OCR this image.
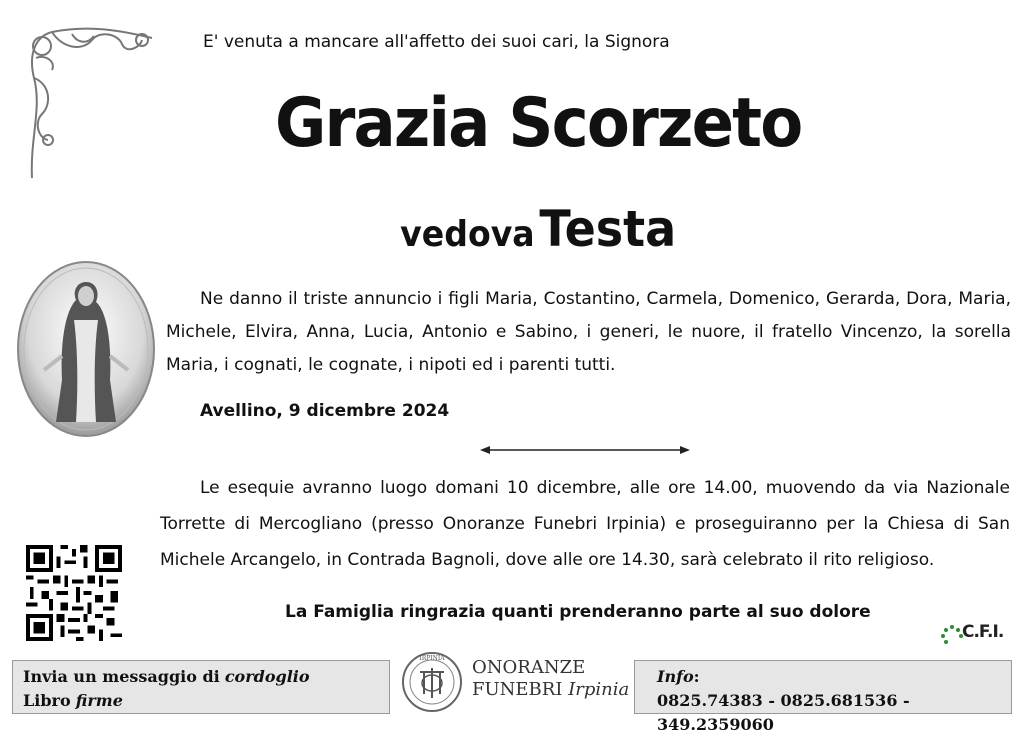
E' venuta a mancare all'affetto dei suoi cari, la Signora
Grazia Scorzeto
vedova Testa
Ne danno il triste annuncio i figli Maria, Costantino, Carmela, Domenico, Gerarda, Dora, Maria, Michele, Elvira, Anna, Lucia, Antonio e Sabino, i generi, le nuore, il fratello Vincenzo, la sorella Maria, i cognati, le cognate, i nipoti ed i parenti tutti.
Avellino, 9 dicembre 2024
Le esequie avranno luogo domani 10 dicembre, alle ore 14.00, muovendo da via Nazionale Torrette di Mercogliano (presso Onoranze Funebri Irpinia) e proseguiranno per la Chiesa di San Michele Arcangelo, in Contrada Bagnoli, dove alle ore 14.30, sarà celebrato il rito religioso.
La Famiglia ringrazia quanti prenderanno parte al suo dolore
C.F.I.
Invia un messaggio di cordoglio
Libro firme
IRPINIA ONORANZE
FUNEBRI Irpinia
Info:
0825.74383 - 0825.681536 - 349.2359060
